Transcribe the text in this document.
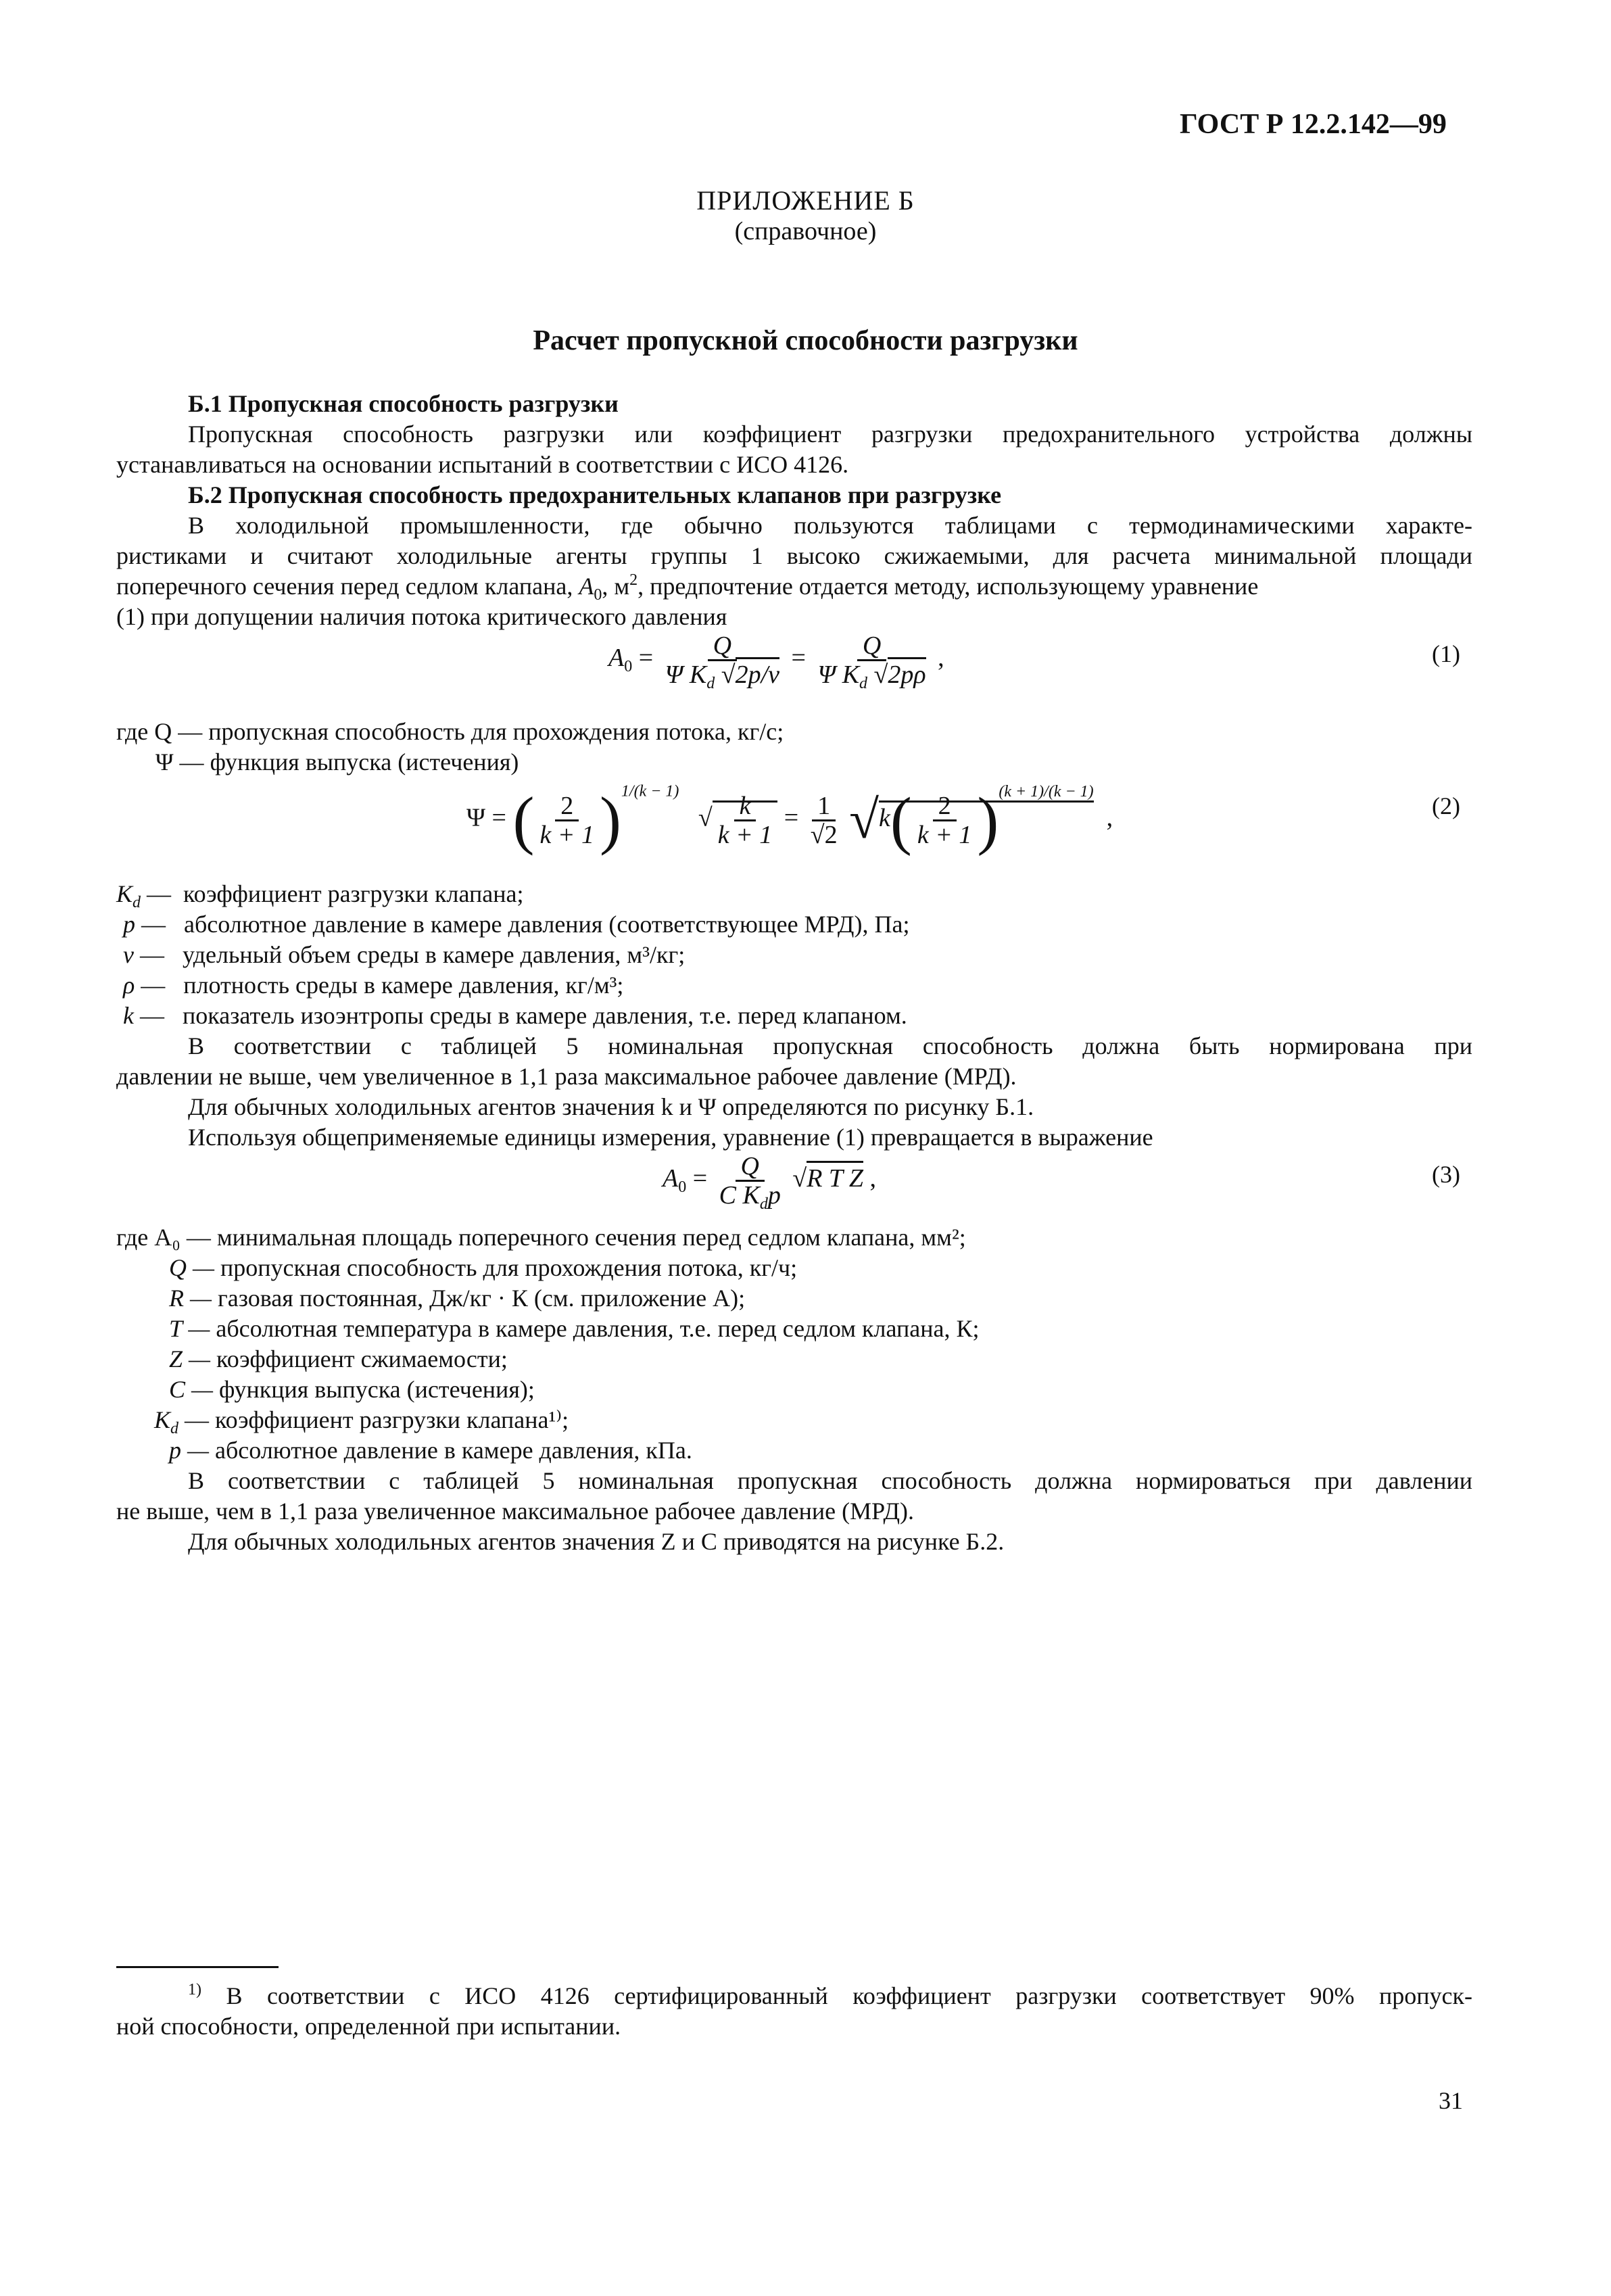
ГОСТ Р 12.2.142—99
ПРИЛОЖЕНИЕ Б
(справочное)
Расчет пропускной способности разгрузки
Б.1 Пропускная способность разгрузки
Пропускная способность разгрузки или коэффициент разгрузки предохранительного устройства должны
устанавливаться на основании испытаний в соответствии с ИСО 4126.
Б.2 Пропускная способность предохранительных клапанов при разгрузке
В холодильной промышленности, где обычно пользуются таблицами с термодинамическими характе-
ристиками и считают холодильные агенты группы 1 высоко сжижаемыми, для расчета минимальной площади
поперечного сечения перед седлом клапана, $A_0$, $м^2$, предпочтение отдается методу, использующему уравнение
(1) при допущении наличия потока критического давления
$A_0 = \frac{Q}{\Psi K_d √2p/v} = \frac{Q}{\Psi K_d √2p\rho}$ ,	(1)
где Q — пропускная способность для прохождения потока, кг/с;
Ψ — функция выпуска (истечения)
Ψ = ( $\frac{2}{k + 1} )^{1/(k - 1)}$   √ $\frac{k}{k + 1} = \frac{1}{√2} √k( \frac{2}{k + 1} )^{(k + 1)/(k - 1)}$  ,	(2)
$K_d$ — коэффициент разгрузки клапана;
p — абсолютное давление в камере давления (соответствующее МРД), Па;
v — удельный объем среды в камере давления, м³/кг;
ρ — плотность среды в камере давления, кг/м³;
k — показатель изоэнтропы среды в камере давления, т.е. перед клапаном.
В соответствии с таблицей 5 номинальная пропускная способность должна быть нормирована при
давлении не выше, чем увеличенное в 1,1 раза максимальное рабочее давление (МРД).
Для обычных холодильных агентов значения k и Ψ определяются по рисунку Б.1.
Используя общеприменяемые единицы измерения, уравнение (1) превращается в выражение
$A_0 = \frac{Q}{C K_dp} √R$ T Z ,	(3)
где A₀ — минимальная площадь поперечного сечения перед седлом клапана, мм²;
Q — пропускная способность для прохождения потока, кг/ч;
R — газовая постоянная, Дж/кг · К (см. приложение А);
T — абсолютная температура в камере давления, т.е. перед седлом клапана, К;
Z — коэффициент сжимаемости;
C — функция выпуска (истечения);
$K_d$ — коэффициент разгрузки клапана¹⁾;
p — абсолютное давление в камере давления, кПа.
В соответствии с таблицей 5 номинальная пропускная способность должна нормироваться при давлении
не выше, чем в 1,1 раза увеличенное максимальное рабочее давление (МРД).
Для обычных холодильных агентов значения Z и C приводятся на рисунке Б.2.
$^{1)}$ В соответствии с ИСО 4126 сертифицированный коэффициент разгрузки соответствует 90% пропуск-
ной способности, определенной при испытании.
31
